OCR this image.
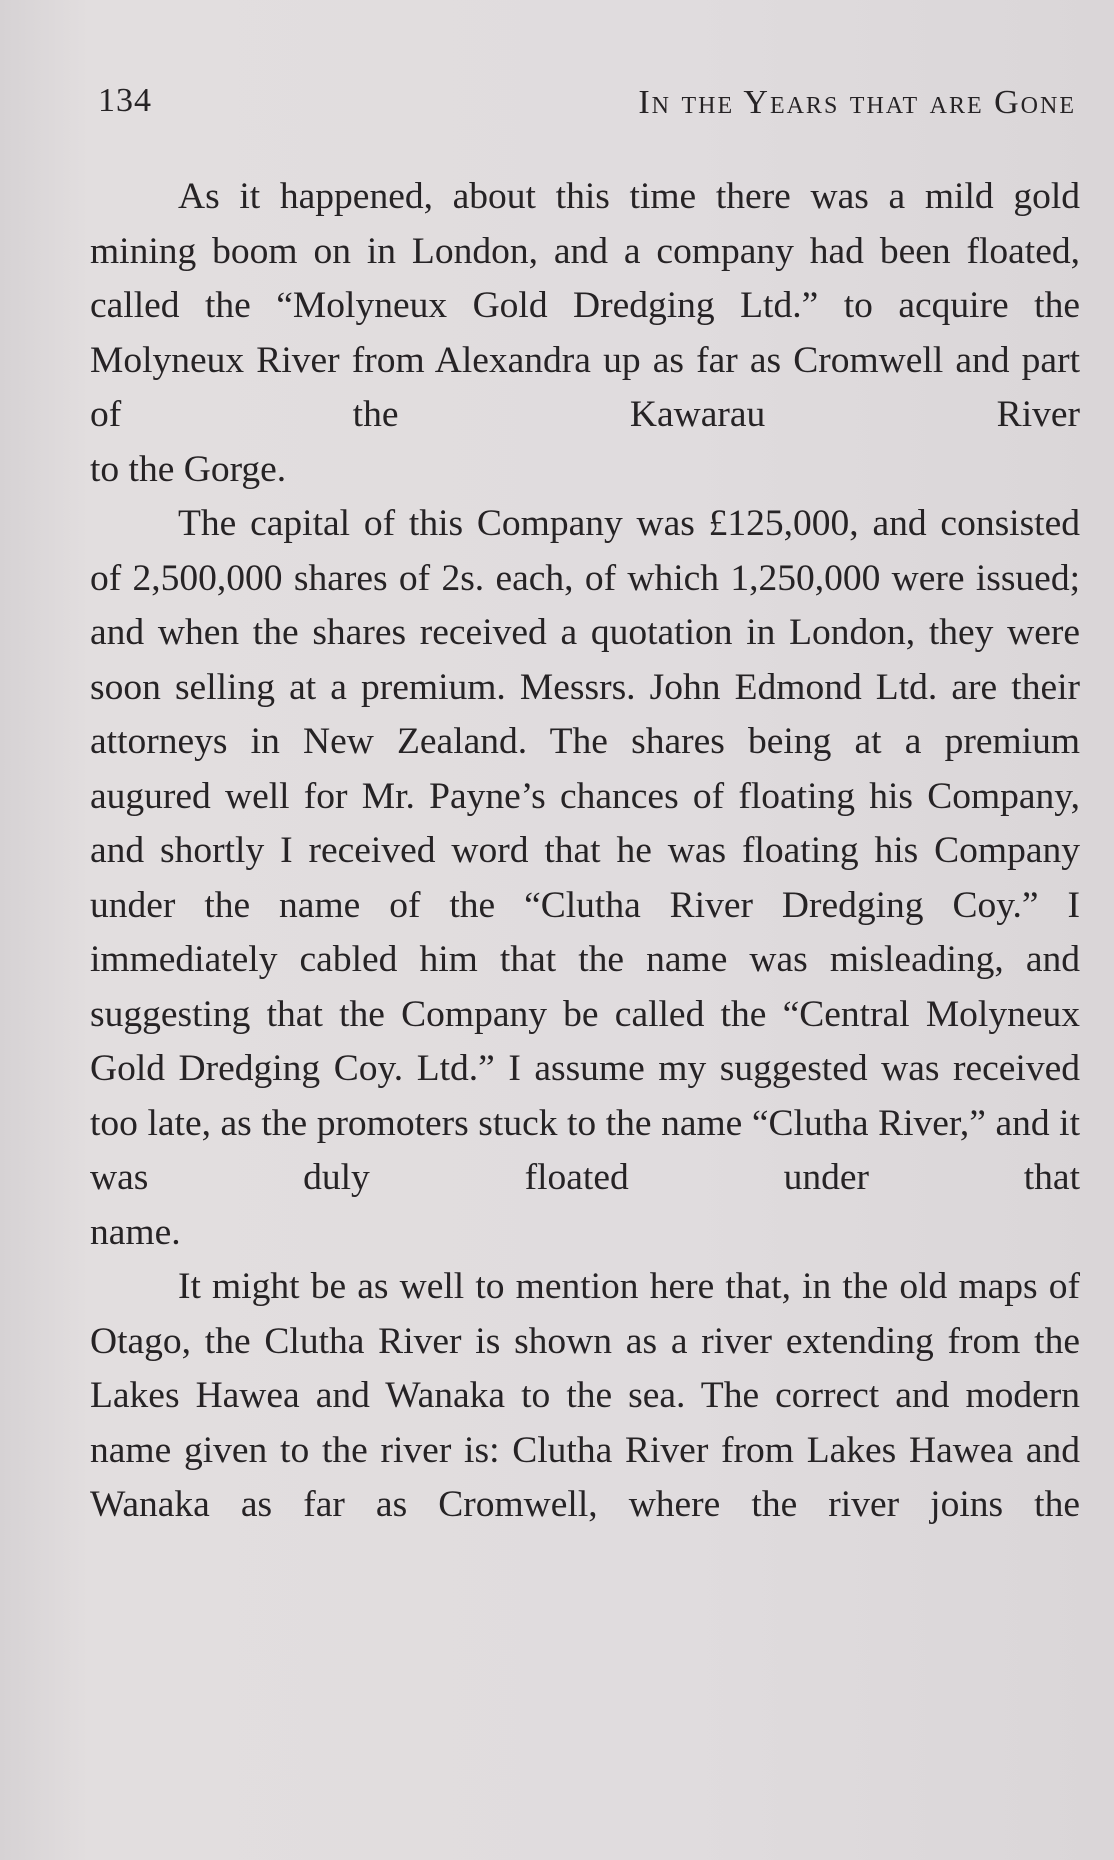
134	In the Years that are Gone

As it happened, about this time there was a mild gold mining boom on in London, and a company had been floated, called the “Molyneux Gold Dredging Ltd.” to acquire the Molyneux River from Alexandra up as far as Cromwell and part of the Kawarau River
to the Gorge.

The capital of this Company was £125,000, and consisted of 2,500,000 shares of 2s. each, of which 1,250,000 were issued; and when the shares received a quotation in London, they were soon selling at a premium. Messrs. John Edmond Ltd. are their attorneys in New Zealand. The shares being at a premium augured well for Mr. Payne’s chances of floating his Company, and shortly I received word that he was floating his Company under the name of the “Clutha River Dredging Coy.” I immediately cabled him that the name was misleading, and suggesting that the Company be called the “Central Molyneux Gold Dredging Coy. Ltd.” I assume my suggested was received too late, as the promoters stuck to the name “Clutha River,” and it was duly floated under that
name.

It might be as well to mention here that, in the old maps of Otago, the Clutha River is shown as a river extending from the Lakes Hawea and Wanaka to the sea. The correct and modern name given to the river is: Clutha River from Lakes Hawea and Wanaka as far as Cromwell, where the river joins the
